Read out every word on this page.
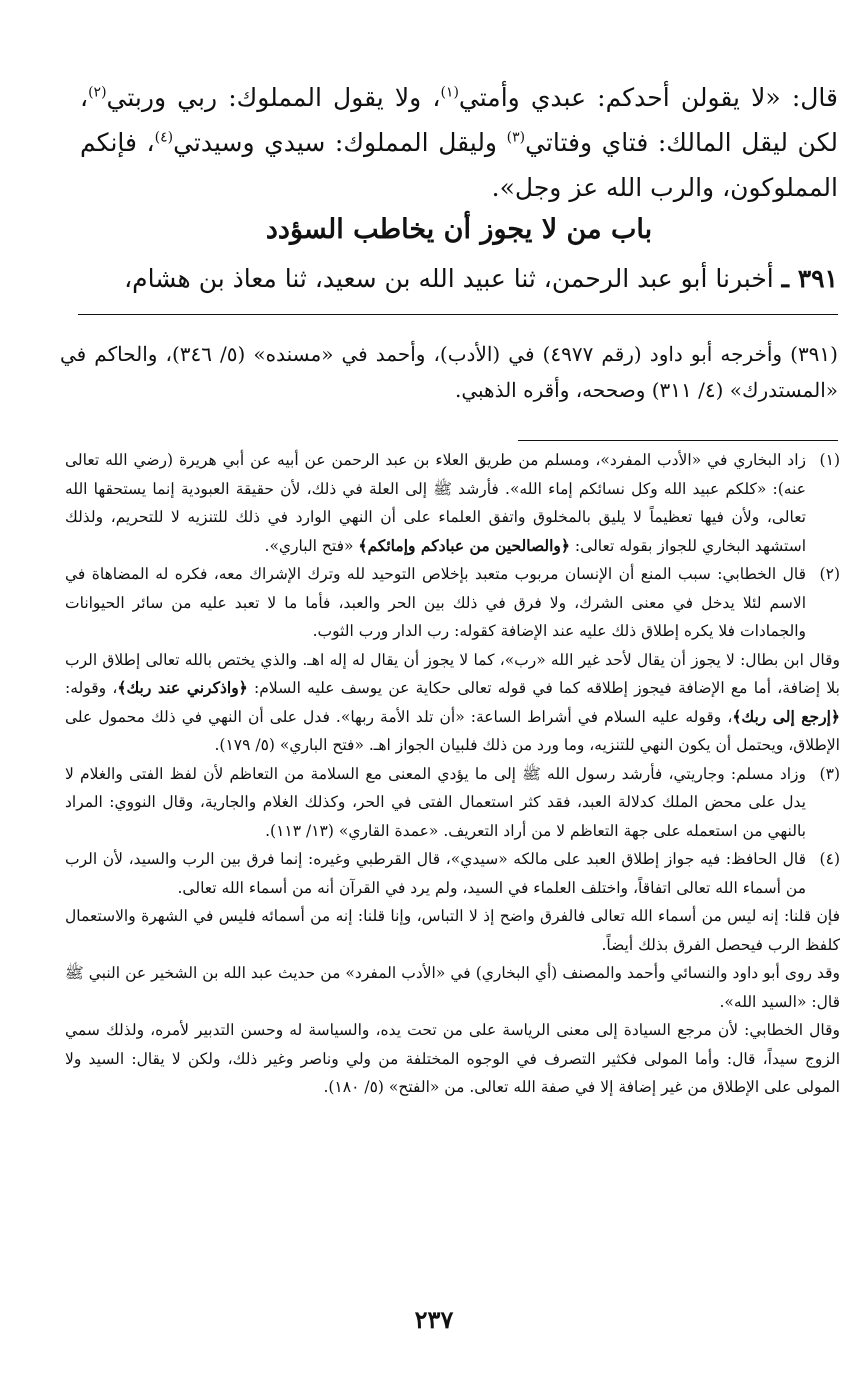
قال: «لا يقولن أحدكم: عبدي وأمتي$^{(١)}$، ولا يقول المملوك: ربي وربتي$^{(٢)}$، لكن ليقل المالك: فتاي وفتاتي$^{(٣)}$ وليقل المملوك: سيدي وسيدتي$^{(٤)}$، فإنكم المملوكون، والرب الله عز وجل».

باب من لا يجوز أن يخاطب السؤدد
٣٩١ ـ أخبرنا أبو عبد الرحمن، ثنا عبيد الله بن سعيد، ثنا معاذ بن هشام،
(٣٩١) وأخرجه أبو داود (رقم ٤٩٧٧) في (الأدب)، وأحمد في «مسنده» (٥/ ٣٤٦)، والحاكم في «المستدرك» (٤/ ٣١١) وصححه، وأقره الذهبي.
(١)

زاد البخاري في «الأدب المفرد»، ومسلم من طريق العلاء بن عبد الرحمن عن أبيه عن أبي هريرة (رضي الله تعالى عنه): «كلكم عبيد الله وكل نسائكم إماء الله». فأرشد ﷺ إلى العلة في ذلك، لأن حقيقة العبودية إنما يستحقها الله تعالى، ولأن فيها تعظيماً لا يليق بالمخلوق واتفق العلماء على أن النهي الوارد في ذلك للتنزيه لا للتحريم، ولذلك استشهد البخاري للجواز بقوله تعالى: ﴿والصالحين من عبادكم وإمائكم﴾ «فتح الباري».

(٢)

قال الخطابي: سبب المنع أن الإنسان مربوب متعبد بإخلاص التوحيد لله وترك الإشراك معه، فكره له المضاهاة في الاسم لئلا يدخل في معنى الشرك، ولا فرق في ذلك بين الحر والعبد، فأما ما لا تعبد عليه من سائر الحيوانات والجمادات فلا يكره إطلاق ذلك عليه عند الإضافة كقوله: رب الدار ورب الثوب.

وقال ابن بطال: لا يجوز أن يقال لأحد غير الله «رب»، كما لا يجوز أن يقال له إله اهـ. والذي يختص بالله تعالى إطلاق الرب بلا إضافة، أما مع الإضافة فيجوز إطلاقه كما في قوله تعالى حكاية عن يوسف عليه السلام: ﴿واذكرني عند ربك﴾، وقوله: ﴿إرجع إلى ربك﴾، وقوله عليه السلام في أشراط الساعة: «أن تلد الأمة ربها». فدل على أن النهي في ذلك محمول على الإطلاق، ويحتمل أن يكون النهي للتنزيه، وما ورد من ذلك فلبيان الجواز اهـ. «فتح الباري» (٥/ ١٧٩).

(٣)

وزاد مسلم: وجاريتي، فأرشد رسول الله ﷺ إلى ما يؤدي المعنى مع السلامة من التعاظم لأن لفظ الفتى والغلام لا يدل على محض الملك كدلالة العبد، فقد كثر استعمال الفتى في الحر، وكذلك الغلام والجارية، وقال النووي: المراد بالنهي من استعمله على جهة التعاظم لا من أراد التعريف. «عمدة القاري» (١٣/ ١١٣).

(٤)

قال الحافظ: فيه جواز إطلاق العبد على مالكه «سيدي»، قال القرطبي وغيره: إنما فرق بين الرب والسيد، لأن الرب من أسماء الله تعالى اتفاقاً، واختلف العلماء في السيد، ولم يرد في القرآن أنه من أسماء الله تعالى.

فإن قلنا: إنه ليس من أسماء الله تعالى فالفرق واضح إذ لا التباس، وإنا قلنا: إنه من أسمائه فليس في الشهرة والاستعمال كلفظ الرب فيحصل الفرق بذلك أيضاً.

وقد روى أبو داود والنسائي وأحمد والمصنف (أي البخاري) في «الأدب المفرد» من حديث عبد الله بن الشخير عن النبي ﷺ قال: «السيد الله».

وقال الخطابي: لأن مرجع السيادة إلى معنى الرياسة على من تحت يده، والسياسة له وحسن التدبير لأمره، ولذلك سمي الزوج سيداً، قال: وأما المولى فكثير التصرف في الوجوه المختلفة من ولي وناصر وغير ذلك، ولكن لا يقال: السيد ولا المولى على الإطلاق من غير إضافة إلا في صفة الله تعالى. من «الفتح» (٥/ ١٨٠).

٢٣٧
